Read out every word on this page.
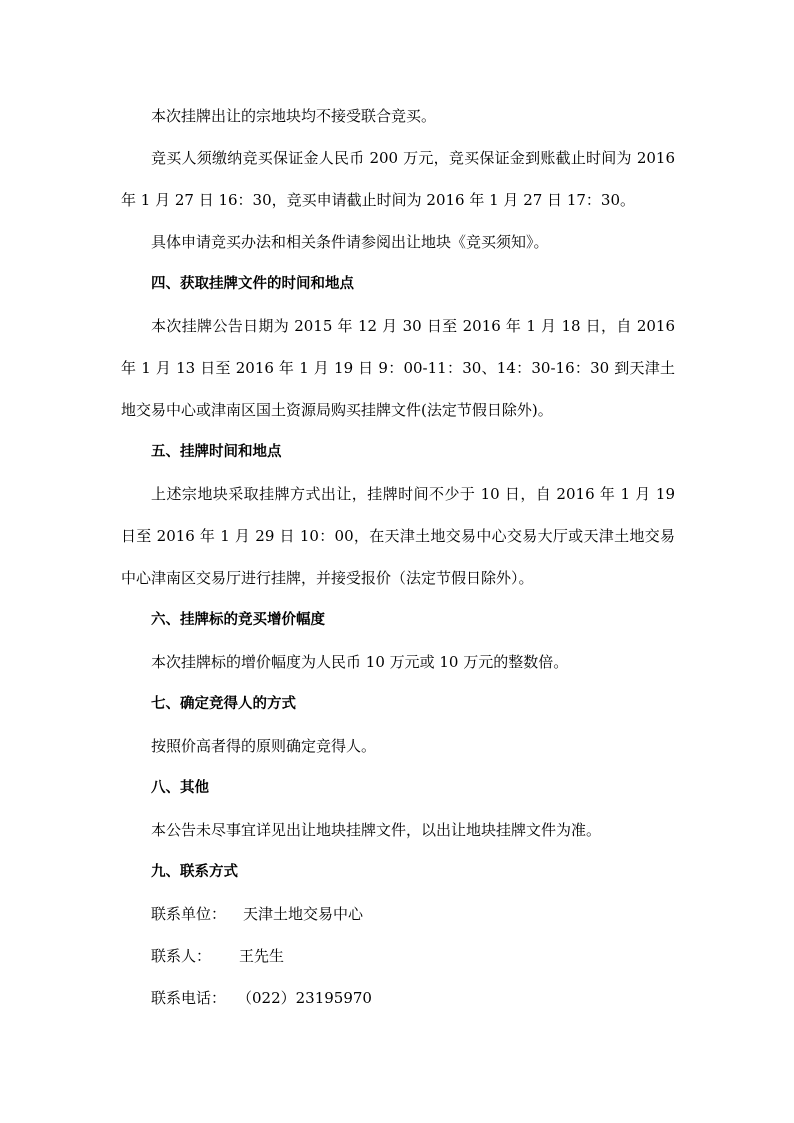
本次挂牌出让的宗地块均不接受联合竞买。

竞买人须缴纳竞买保证金人民币 200 万元，竞买保证金到账截止时间为 2016 年 1 月 27 日 16：30，竞买申请截止时间为 2016 年 1 月 27 日 17：30。

具体申请竞买办法和相关条件请参阅出让地块《竞买须知》。

四、获取挂牌文件的时间和地点

本次挂牌公告日期为 2015 年 12 月 30 日至 2016 年 1 月 18 日，自 2016 年 1 月 13 日至 2016 年 1 月 19 日 9：00-11：30、14：30-16：30 到天津土地交易中心或津南区国土资源局购买挂牌文件(法定节假日除外)。

五、挂牌时间和地点

上述宗地块采取挂牌方式出让，挂牌时间不少于 10 日，自 2016 年 1 月 19 日至 2016 年 1 月 29 日 10：00，在天津土地交易中心交易大厅或天津土地交易中心津南区交易厅进行挂牌，并接受报价（法定节假日除外）。

六、挂牌标的竞买增价幅度

本次挂牌标的增价幅度为人民币 10 万元或 10 万元的整数倍。

七、确定竞得人的方式

按照价高者得的原则确定竞得人。

八、其他

本公告未尽事宜详见出让地块挂牌文件，以出让地块挂牌文件为准。

九、联系方式

联系单位： 天津土地交易中心
联系人： 王先生
联系电话： （022）23195970
